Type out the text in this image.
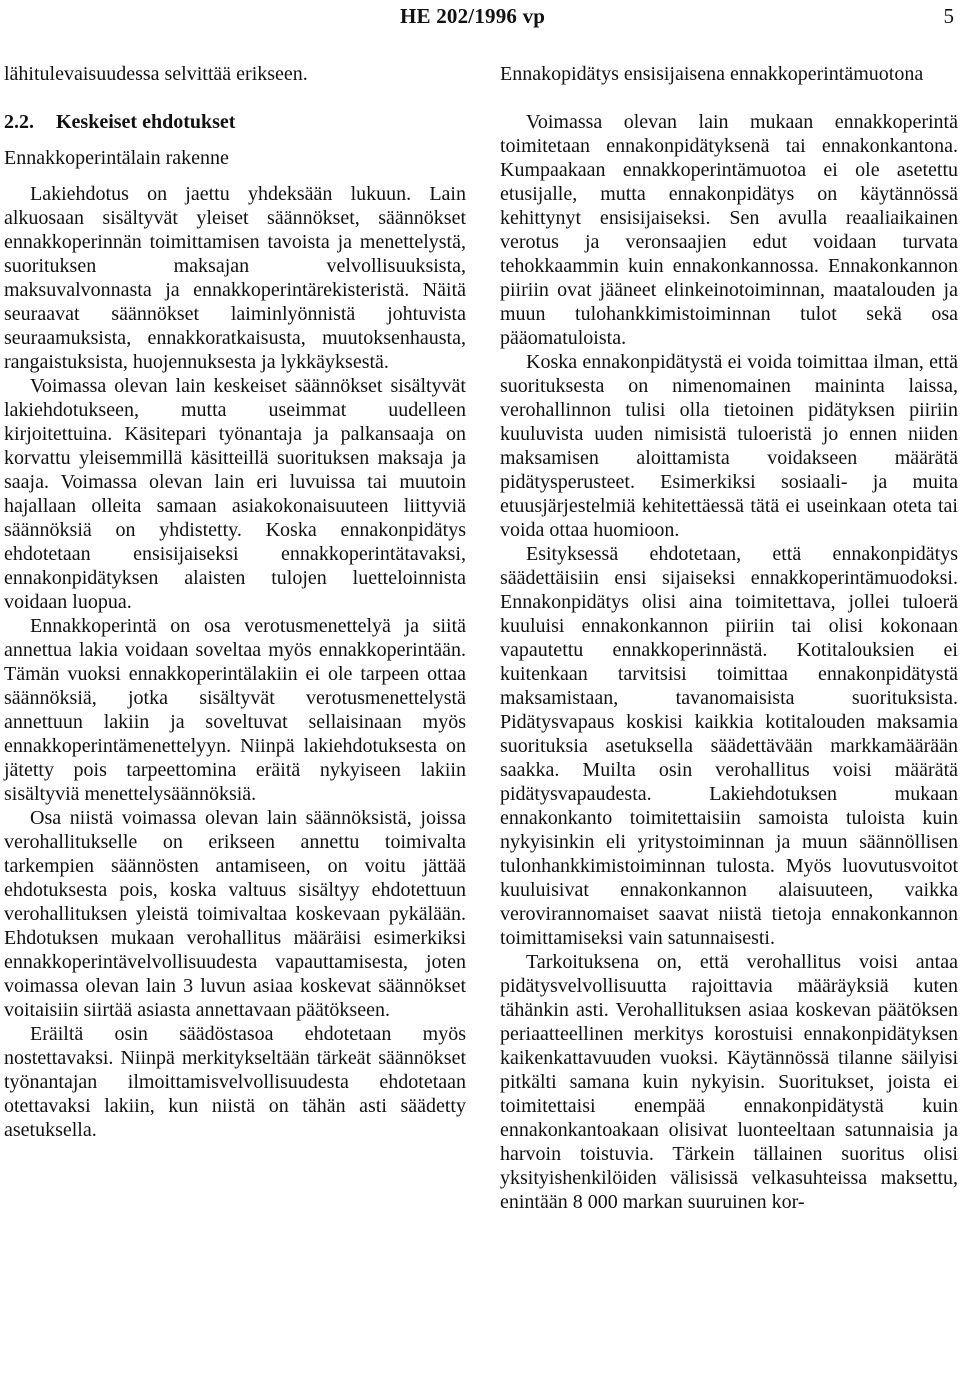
HE 202/1996 vp	5

lähitulevaisuudessa selvittää erikseen.

2.2. Keskeiset ehdotukset
Ennakkoperintälain rakenne

Lakiehdotus on jaettu yhdeksään lukuun. Lain alkuosaan sisältyvät yleiset säännökset, säännökset ennakkoperinnän toimittamisen tavoista ja menettelystä, suorituksen maksajan velvollisuuksista, maksuvalvonnasta ja ennakkoperintärekisteristä. Näitä seuraavat säännökset laiminlyönnistä johtuvista seuraamuksista, ennakkoratkaisusta, muutoksenhausta, rangaistuksista, huojennuksesta ja lykkäyksestä.

Voimassa olevan lain keskeiset säännökset sisältyvät lakiehdotukseen, mutta useimmat uudelleen kirjoitettuina. Käsitepari työnantaja ja palkansaaja on korvattu yleisemmillä käsitteillä suorituksen maksaja ja saaja. Voimassa olevan lain eri luvuissa tai muutoin hajallaan olleita samaan asiakokonaisuuteen liittyviä säännöksiä on yhdistetty. Koska ennakonpidätys ehdotetaan ensisijaiseksi ennakkoperintätavaksi, ennakonpidätyksen alaisten tulojen luetteloinnista voidaan luopua.

Ennakkoperintä on osa verotusmenettelyä ja siitä annettua lakia voidaan soveltaa myös ennakkoperintään. Tämän vuoksi ennakkoperintälakiin ei ole tarpeen ottaa säännöksiä, jotka sisältyvät verotusmenettelystä annettuun lakiin ja soveltuvat sellaisinaan myös ennakkoperintämenettelyyn. Niinpä lakiehdotuksesta on jätetty pois tarpeettomina eräitä nykyiseen lakiin sisältyviä menettelysäännöksiä.

Osa niistä voimassa olevan lain säännöksistä, joissa verohallitukselle on erikseen annettu toimivalta tarkempien säännösten antamiseen, on voitu jättää ehdotuksesta pois, koska valtuus sisältyy ehdotettuun verohallituksen yleistä toimivaltaa koskevaan pykälään. Ehdotuksen mukaan verohallitus määräisi esimerkiksi ennakkoperintävelvollisuudesta vapauttamisesta, joten voimassa olevan lain 3 luvun asiaa koskevat säännökset voitaisiin siirtää asiasta annettavaan päätökseen.

Eräiltä osin säädöstasoa ehdotetaan myös nostettavaksi. Niinpä merkitykseltään tärkeät säännökset työnantajan ilmoittamisvelvollisuudesta ehdotetaan otettavaksi lakiin, kun niistä on tähän asti säädetty asetuksella.

Ennakopidätys ensisijaisena ennakkoperintämuotona

Voimassa olevan lain mukaan ennakkoperintä toimitetaan ennakonpidätyksenä tai ennakonkantona. Kumpaakaan ennakkoperintämuotoa ei ole asetettu etusijalle, mutta ennakonpidätys on käytännössä kehittynyt ensisijaiseksi. Sen avulla reaaliaikainen verotus ja veronsaajien edut voidaan turvata tehokkaammin kuin ennakonkannossa. Ennakonkannon piiriin ovat jääneet elinkeinotoiminnan, maatalouden ja muun tulohankkimistoiminnan tulot sekä osa pääomatuloista.

Koska ennakonpidätystä ei voida toimittaa ilman, että suorituksesta on nimenomainen maininta laissa, verohallinnon tulisi olla tietoinen pidätyksen piiriin kuuluvista uuden nimisistä tuloeristä jo ennen niiden maksamisen aloittamista voidakseen määrätä pidätysperusteet. Esimerkiksi sosiaali- ja muita etuusjärjestelmiä kehitettäessä tätä ei useinkaan oteta tai voida ottaa huomioon.

Esityksessä ehdotetaan, että ennakonpidätys säädettäisiin ensi sijaiseksi ennakkoperintämuodoksi. Ennakonpidätys olisi aina toimitettava, jollei tuloerä kuuluisi ennakonkannon piiriin tai olisi kokonaan vapautettu ennakkoperinnästä. Kotitalouksien ei kuitenkaan tarvitsisi toimittaa ennakonpidätystä maksamistaan, tavanomaisista suorituksista. Pidätysvapaus koskisi kaikkia kotitalouden maksamia suorituksia asetuksella säädettävään markkamäärään saakka. Muilta osin verohallitus voisi määrätä pidätysvapaudesta. Lakiehdotuksen mukaan ennakonkanto toimitettaisiin samoista tuloista kuin nykyisinkin eli yritystoiminnan ja muun säännöllisen tulonhankkimistoiminnan tulosta. Myös luovutusvoitot kuuluisivat ennakonkannon alaisuuteen, vaikka verovirannomaiset saavat niistä tietoja ennakonkannon toimittamiseksi vain satunnaisesti.

Tarkoituksena on, että verohallitus voisi antaa pidätysvelvollisuutta rajoittavia määräyksiä kuten tähänkin asti. Verohallituksen asiaa koskevan päätöksen periaatteellinen merkitys korostuisi ennakonpidätyksen kaikenkattavuuden vuoksi. Käytännössä tilanne säilyisi pitkälti samana kuin nykyisin. Suoritukset, joista ei toimitettaisi enempää ennakonpidätystä kuin ennakonkantoakaan olisivat luonteeltaan satunnaisia ja harvoin toistuvia. Tärkein tällainen suoritus olisi yksityishenkilöiden välisissä velkasuhteissa maksettu, enintään 8 000 markan suuruinen kor-
